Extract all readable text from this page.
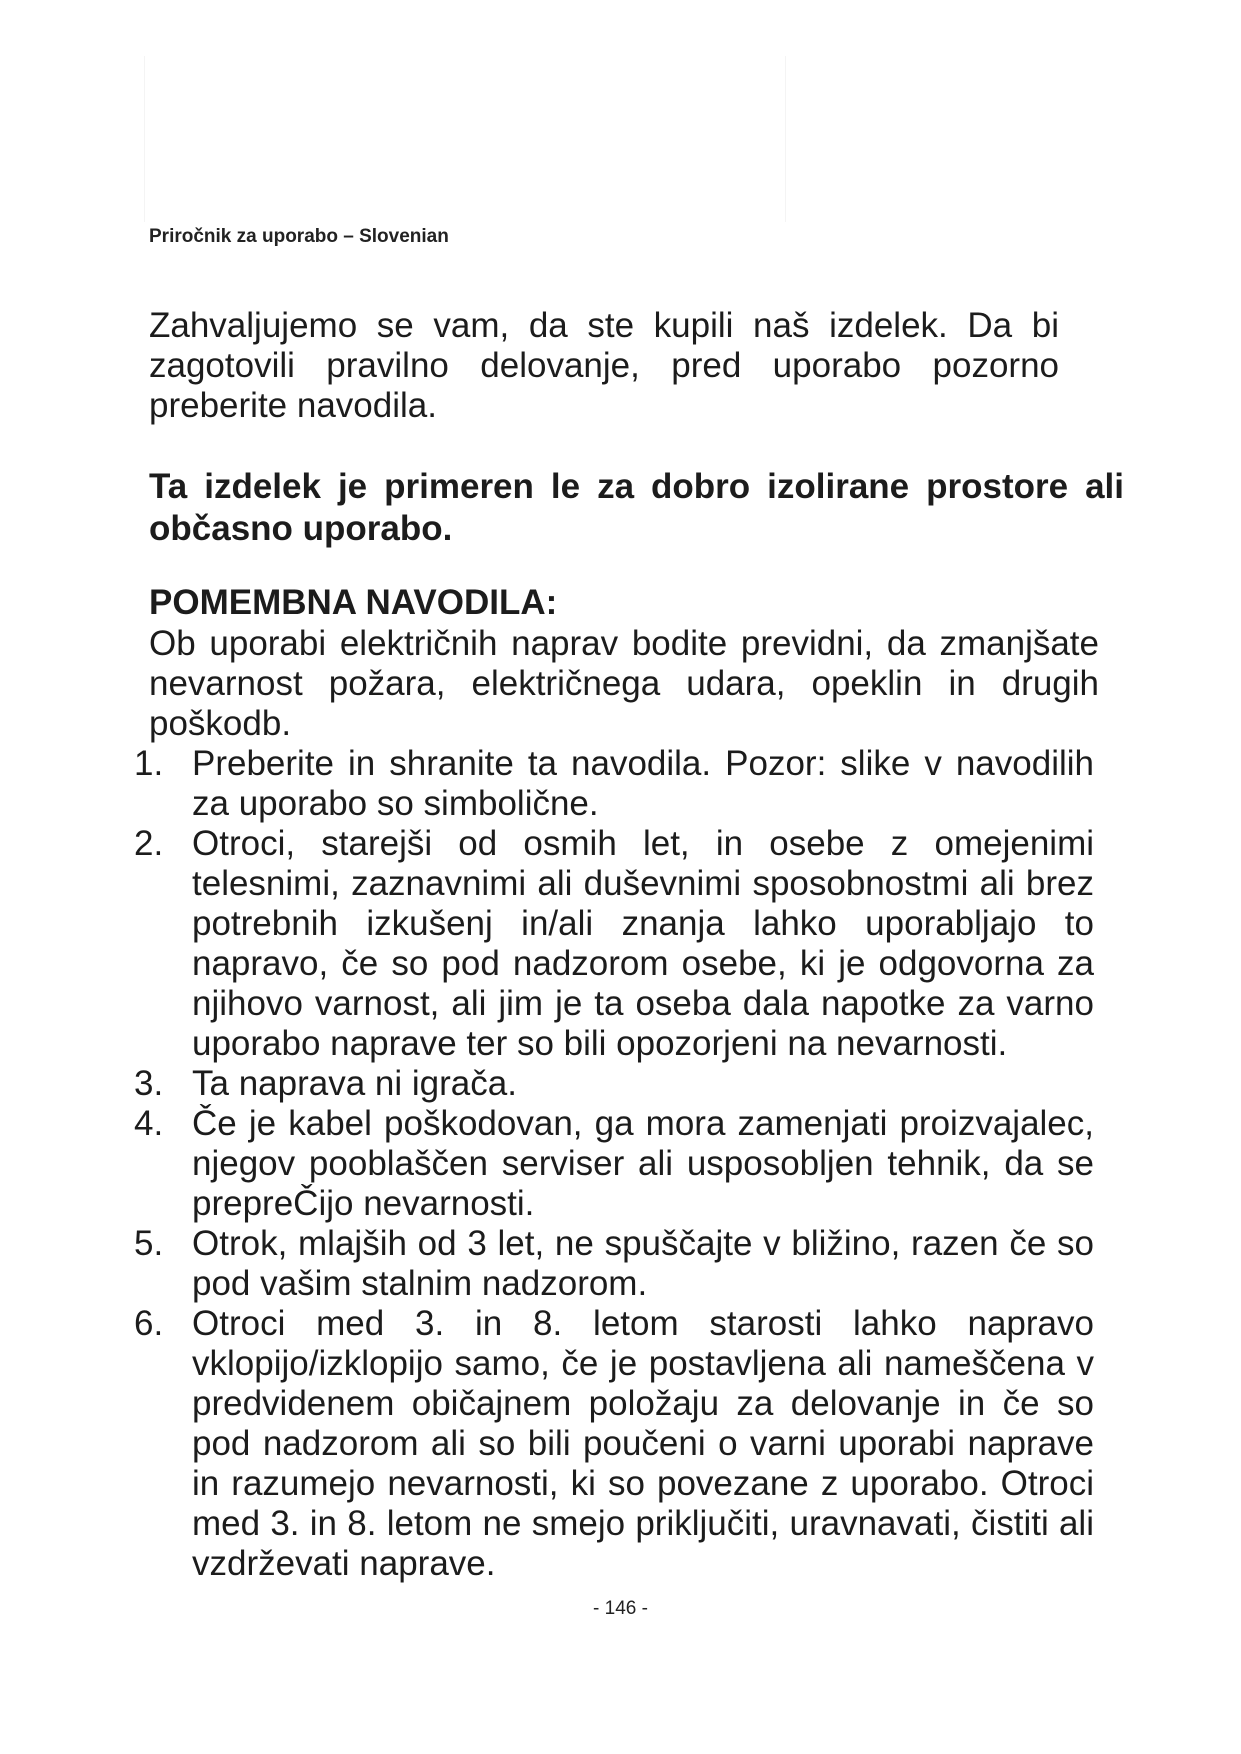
Priročnik za uporabo – Slovenian

Zahvaljujemo se vam, da ste kupili naš izdelek. Da bi zagotovili pravilno delovanje, pred uporabo pozorno preberite navodila.

Ta izdelek je primeren le za dobro izolirane prostore ali občasno uporabo.

POMEMBNA NAVODILA:

Ob uporabi električnih naprav bodite previdni, da zmanjšate nevarnost požara, električnega udara, opeklin in drugih poškodb.

1. Preberite in shranite ta navodila. Pozor: slike v navodilih za uporabo so simbolične.
2. Otroci, starejši od osmih let, in osebe z omejenimi telesnimi, zaznavnimi ali duševnimi sposobnostmi ali brez potrebnih izkušenj in/ali znanja lahko uporabljajo to napravo, če so pod nadzorom osebe, ki je odgovorna za njihovo varnost, ali jim je ta oseba dala napotke za varno uporabo naprave ter so bili opozorjeni na nevarnosti.
3. Ta naprava ni igrača.
4. Če je kabel poškodovan, ga mora zamenjati proizvajalec, njegov pooblaščen serviser ali usposobljen tehnik, da se prepreČijo nevarnosti.
5. Otrok, mlajših od 3 let, ne spuščajte v bližino, razen če so pod vašim stalnim nadzorom.
6. Otroci med 3. in 8. letom starosti lahko napravo vklopijo/izklopijo samo, če je postavljena ali nameščena v predvidenem običajnem položaju za delovanje in če so pod nadzorom ali so bili poučeni o varni uporabi naprave in razumejo nevarnosti, ki so povezane z uporabo. Otroci med 3. in 8. letom ne smejo priključiti, uravnavati, čistiti ali vzdrževati naprave.
- 146 -
